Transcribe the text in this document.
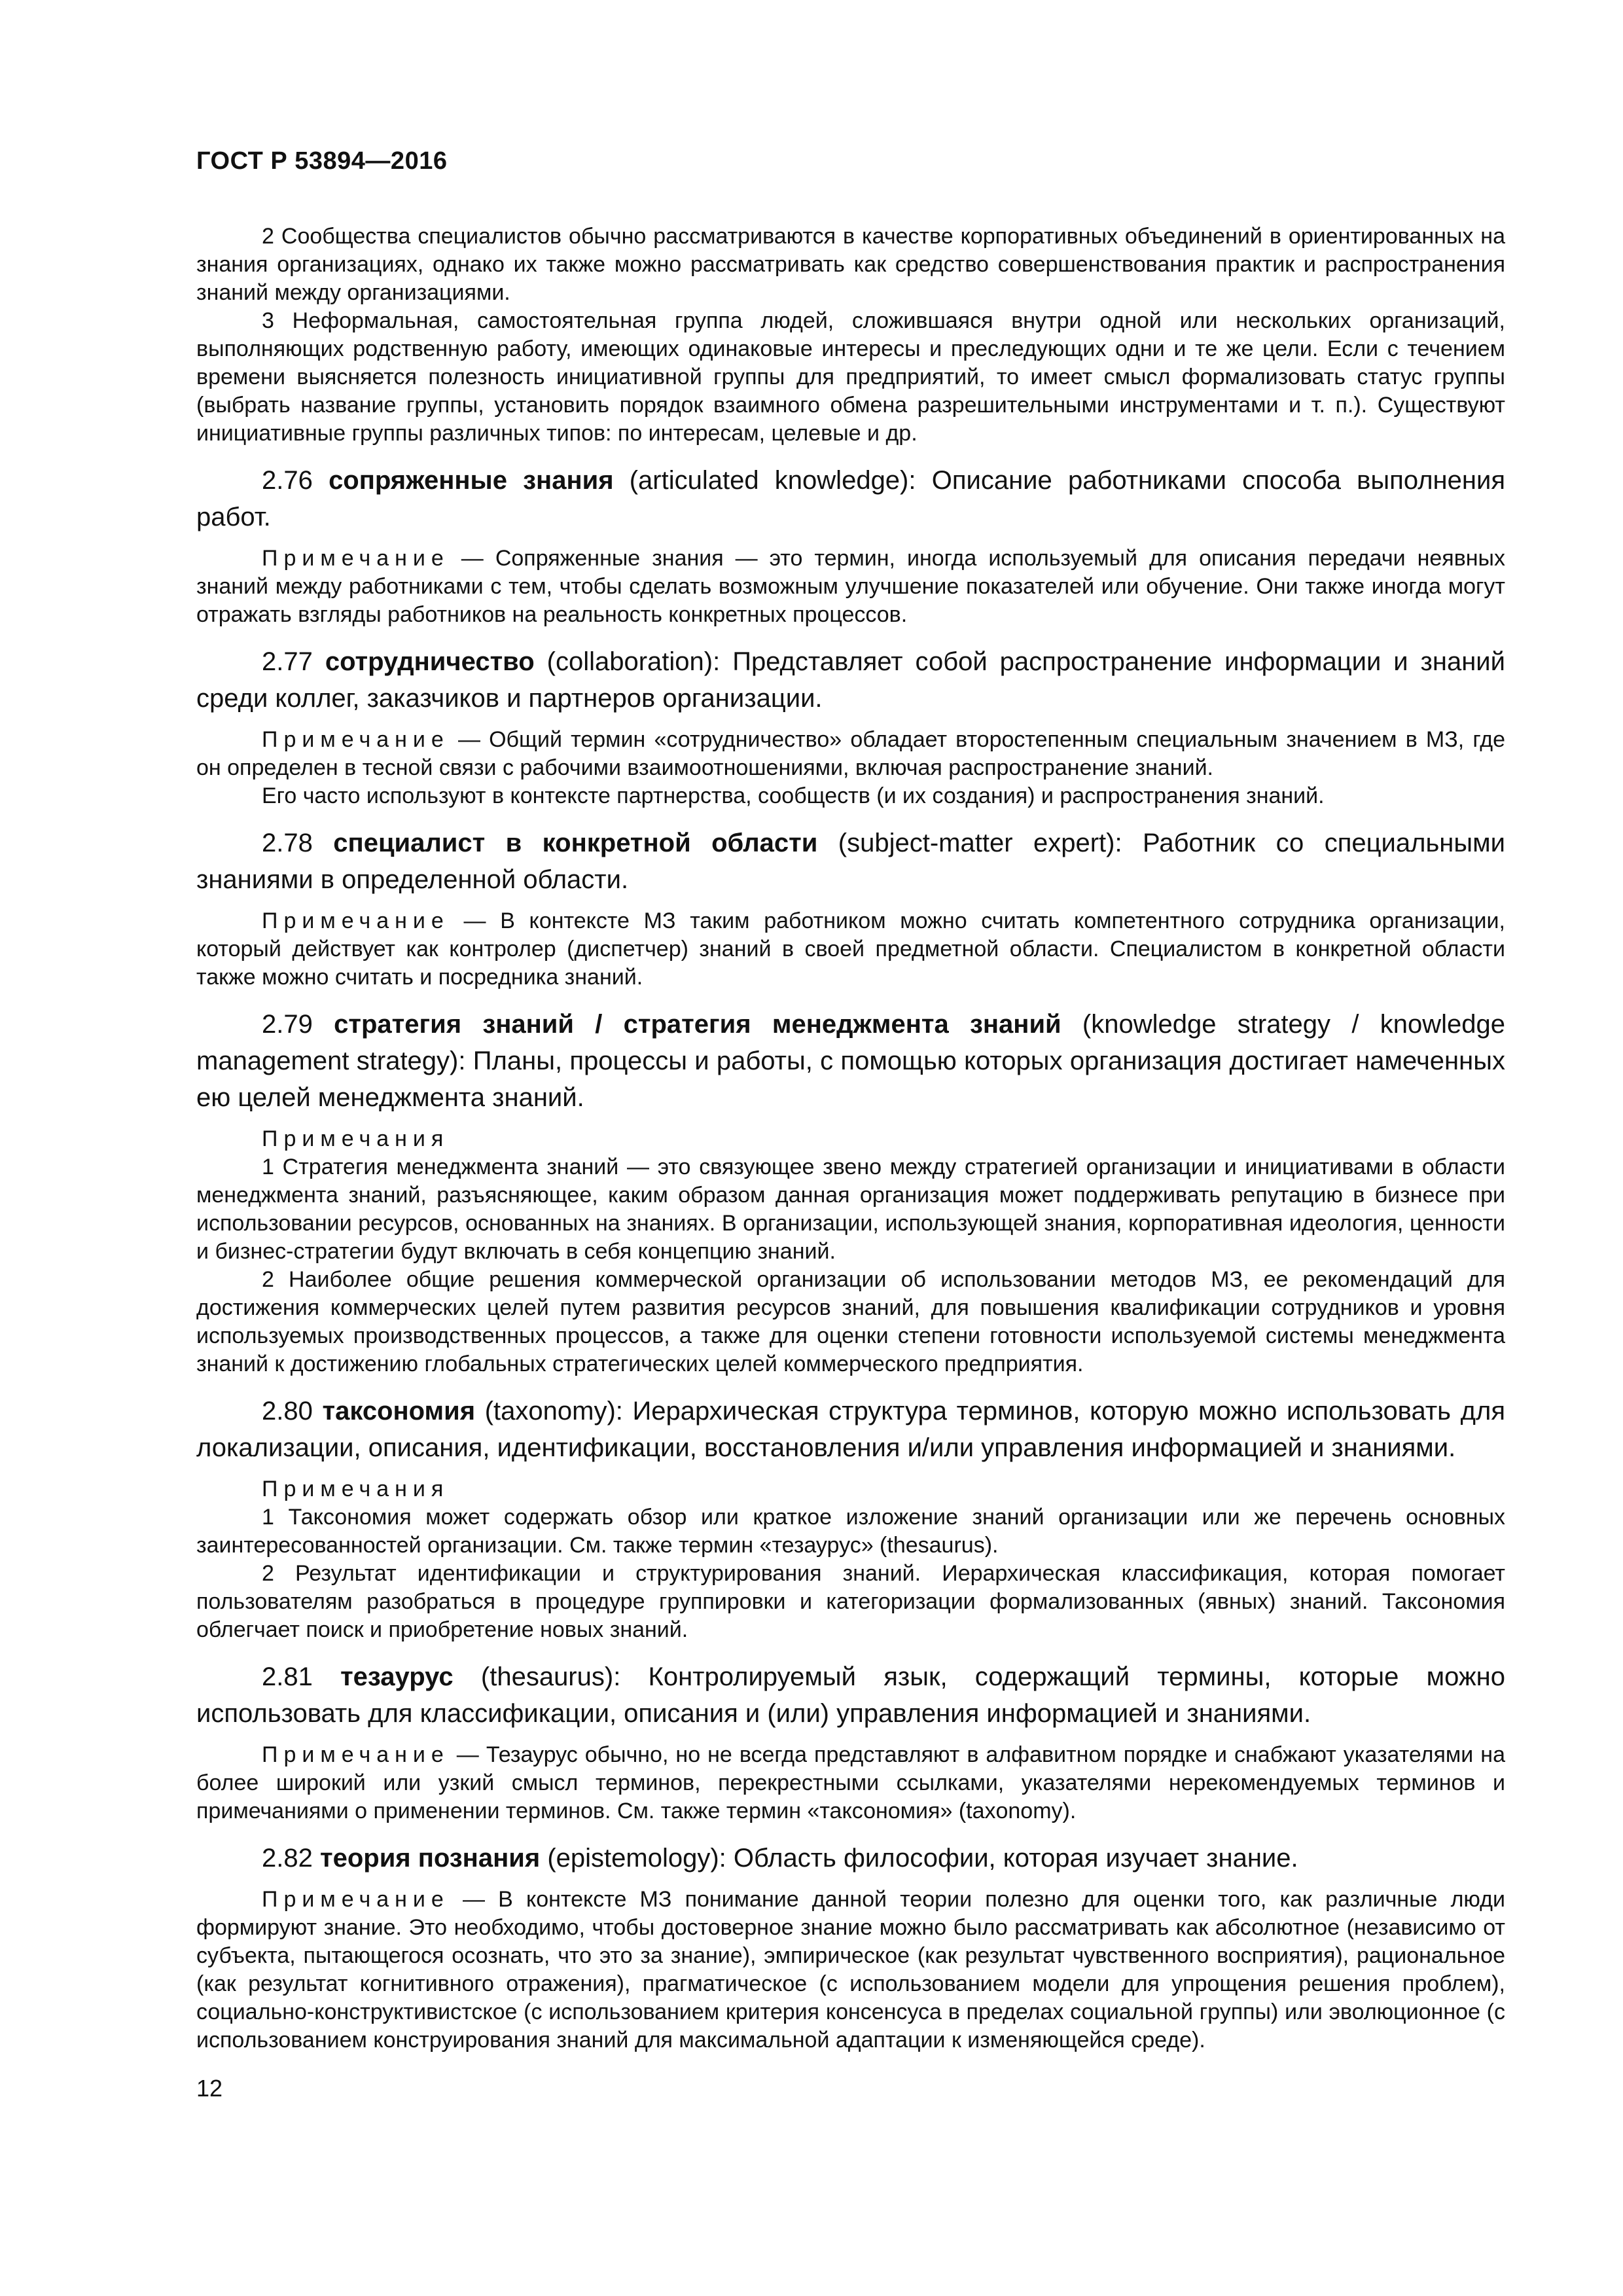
ГОСТ Р 53894—2016

2 Сообщества специалистов обычно рассматриваются в качестве корпоративных объединений в ориентированных на знания организациях, однако их также можно рассматривать как средство совершенствования практик и распространения знаний между организациями.

3 Неформальная, самостоятельная группа людей, сложившаяся внутри одной или нескольких организаций, выполняющих родственную работу, имеющих одинаковые интересы и преследующих одни и те же цели. Если с течением времени выясняется полезность инициативной группы для предприятий, то имеет смысл формализовать статус группы (выбрать название группы, установить порядок взаимного обмена разрешительными инструментами и т. п.). Существуют инициативные группы различных типов: по интересам, целевые и др.

2.76 сопряженные знания (articulated knowledge): Описание работниками способа выполнения работ.

Примечание — Сопряженные знания — это термин, иногда используемый для описания передачи неявных знаний между работниками с тем, чтобы сделать возможным улучшение показателей или обучение. Они также иногда могут отражать взгляды работников на реальность конкретных процессов.

2.77 сотрудничество (collaboration): Представляет собой распространение информации и знаний среди коллег, заказчиков и партнеров организации.

Примечание — Общий термин «сотрудничество» обладает второстепенным специальным значением в МЗ, где он определен в тесной связи с рабочими взаимоотношениями, включая распространение знаний.

Его часто используют в контексте партнерства, сообществ (и их создания) и распространения знаний.

2.78 специалист в конкретной области (subject-matter expert): Работник со специальными знаниями в определенной области.

Примечание — В контексте МЗ таким работником можно считать компетентного сотрудника организации, который действует как контролер (диспетчер) знаний в своей предметной области. Специалистом в конкретной области также можно считать и посредника знаний.

2.79 стратегия знаний / стратегия менеджмента знаний (knowledge strategy / knowledge management strategy): Планы, процессы и работы, с помощью которых организация достигает намеченных ею целей менеджмента знаний.

Примечания

1 Стратегия менеджмента знаний — это связующее звено между стратегией организации и инициативами в области менеджмента знаний, разъясняющее, каким образом данная организация может поддерживать репутацию в бизнесе при использовании ресурсов, основанных на знаниях. В организации, использующей знания, корпоративная идеология, ценности и бизнес-стратегии будут включать в себя концепцию знаний.

2 Наиболее общие решения коммерческой организации об использовании методов МЗ, ее рекомендаций для достижения коммерческих целей путем развития ресурсов знаний, для повышения квалификации сотрудников и уровня используемых производственных процессов, а также для оценки степени готовности используемой системы менеджмента знаний к достижению глобальных стратегических целей коммерческого предприятия.

2.80 таксономия (taxonomy): Иерархическая структура терминов, которую можно использовать для локализации, описания, идентификации, восстановления и/или управления информацией и знаниями.

Примечания

1 Таксономия может содержать обзор или краткое изложение знаний организации или же перечень основных заинтересованностей организации. См. также термин «тезаурус» (thesaurus).

2 Результат идентификации и структурирования знаний. Иерархическая классификация, которая помогает пользователям разобраться в процедуре группировки и категоризации формализованных (явных) знаний. Таксономия облегчает поиск и приобретение новых знаний.

2.81 тезаурус (thesaurus): Контролируемый язык, содержащий термины, которые можно использовать для классификации, описания и (или) управления информацией и знаниями.

Примечание — Тезаурус обычно, но не всегда представляют в алфавитном порядке и снабжают указателями на более широкий или узкий смысл терминов, перекрестными ссылками, указателями нерекомендуемых терминов и примечаниями о применении терминов. См. также термин «таксономия» (taxonomy).

2.82 теория познания (epistemology): Область философии, которая изучает знание.

Примечание — В контексте МЗ понимание данной теории полезно для оценки того, как различные люди формируют знание. Это необходимо, чтобы достоверное знание можно было рассматривать как абсолютное (независимо от субъекта, пытающегося осознать, что это за знание), эмпирическое (как результат чувственного восприятия), рациональное (как результат когнитивного отражения), прагматическое (с использованием модели для упрощения решения проблем), социально-конструктивистское (с использованием критерия консенсуса в пределах социальной группы) или эволюционное (с использованием конструирования знаний для максимальной адаптации к изменяющейся среде).

12
